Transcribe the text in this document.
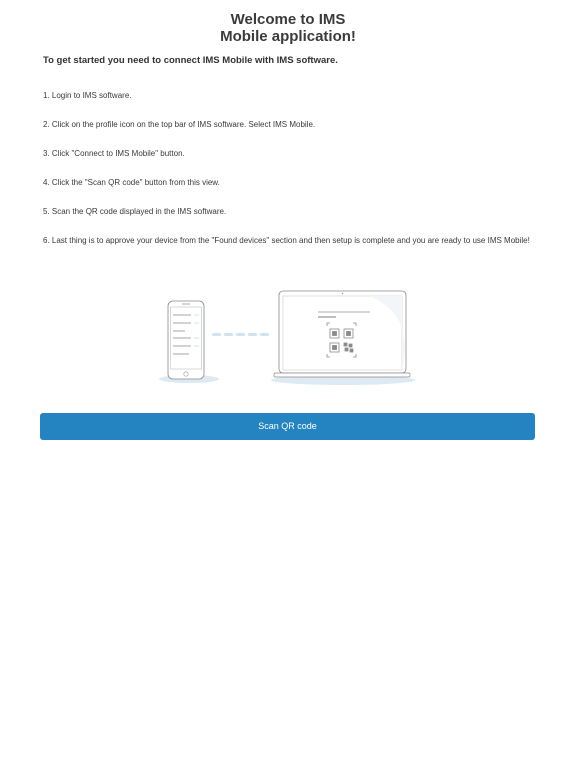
Welcome to IMS
Mobile application!

To get started you need to connect IMS Mobile with IMS software.

1. Login to IMS software.
2. Click on the profile icon on the top bar of IMS software. Select IMS Mobile.
3. Click "Connect to IMS Mobile" button.
4. Click the "Scan QR code" button from this view.
5. Scan the QR code displayed in the IMS software.
6. Last thing is to approve your device from the "Found devices" section and then setup is complete and you are ready to use IMS Mobile!
Scan QR code
